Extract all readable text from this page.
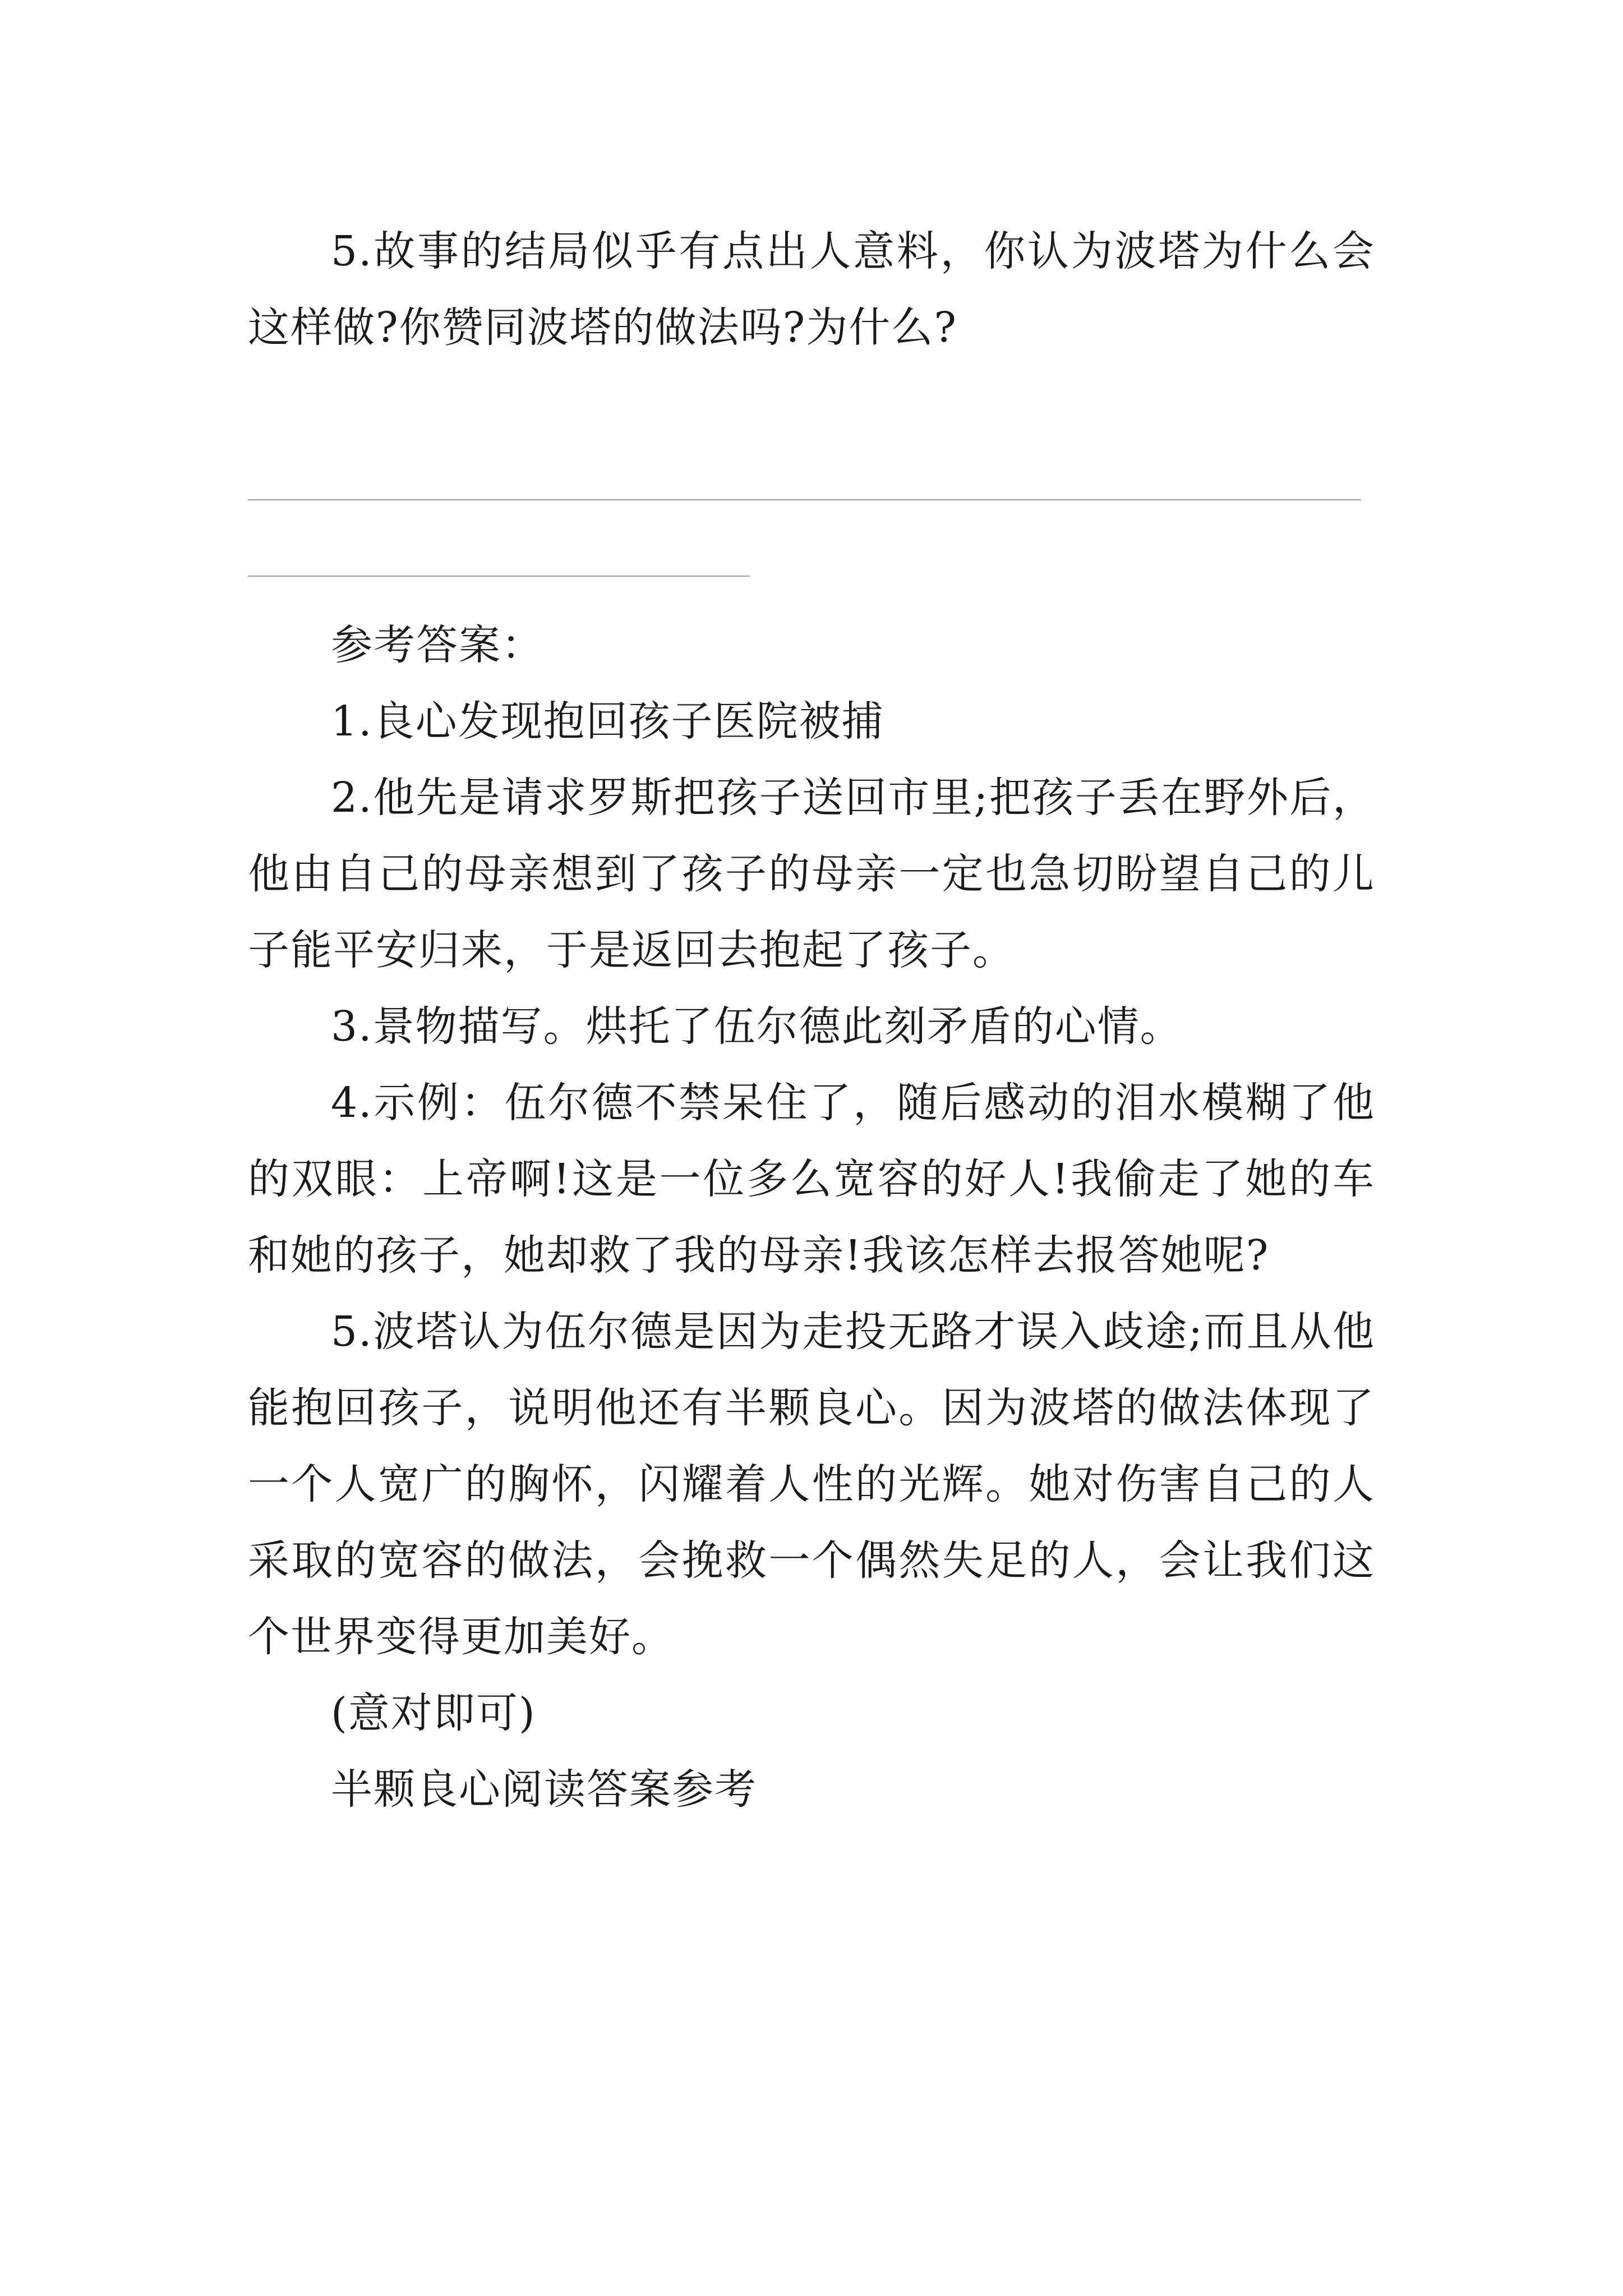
5.故事的结局似乎有点出人意料，你认为波塔为什么会这样做?你赞同波塔的做法吗?为什么?

参考答案：

1.良心发现抱回孩子医院被捕

2.他先是请求罗斯把孩子送回市里;把孩子丢在野外后，他由自己的母亲想到了孩子的母亲一定也急切盼望自己的儿子能平安归来，于是返回去抱起了孩子。

3.景物描写。烘托了伍尔德此刻矛盾的心情。

4.示例：伍尔德不禁呆住了，随后感动的泪水模糊了他的双眼：上帝啊!这是一位多么宽容的好人!我偷走了她的车和她的孩子，她却救了我的母亲!我该怎样去报答她呢?

5.波塔认为伍尔德是因为走投无路才误入歧途;而且从他能抱回孩子，说明他还有半颗良心。因为波塔的做法体现了一个人宽广的胸怀，闪耀着人性的光辉。她对伤害自己的人采取的宽容的做法，会挽救一个偶然失足的人，会让我们这个世界变得更加美好。

(意对即可)

半颗良心阅读答案参考
